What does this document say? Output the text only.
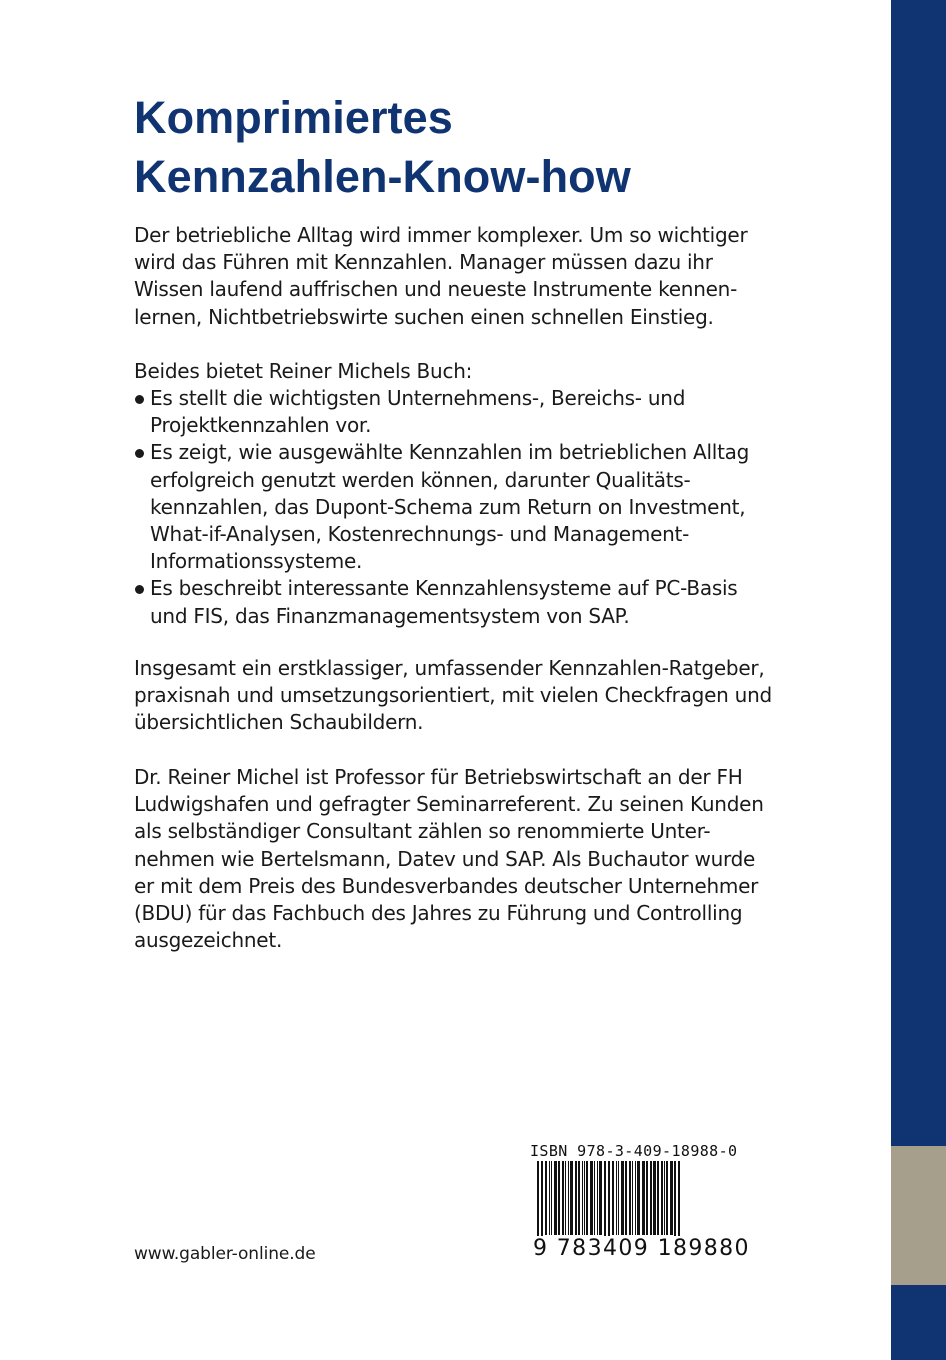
Komprimiertes
Kennzahlen-Know-how

Der betriebliche Alltag wird immer komplexer. Um so wichtiger
wird das Führen mit Kennzahlen. Manager müssen dazu ihr
Wissen laufend auffrischen und neueste Instrumente kennen-
lernen, Nichtbetriebswirte suchen einen schnellen Einstieg.

Beides bietet Reiner Michels Buch:

Es stellt die wichtigsten Unternehmens-, Bereichs- und
Projektkennzahlen vor.
Es zeigt, wie ausgewählte Kennzahlen im betrieblichen Alltag
erfolgreich genutzt werden können, darunter Qualitäts-
kennzahlen, das Dupont-Schema zum Return on Investment,
What-if-Analysen, Kostenrechnungs- und Management-
Informationssysteme.
Es beschreibt interessante Kennzahlensysteme auf PC-Basis
und FIS, das Finanzmanagementsystem von SAP.

Insgesamt ein erstklassiger, umfassender Kennzahlen-Ratgeber,
praxisnah und umsetzungsorientiert, mit vielen Checkfragen und
übersichtlichen Schaubildern.

Dr. Reiner Michel ist Professor für Betriebswirtschaft an der FH
Ludwigshafen und gefragter Seminarreferent. Zu seinen Kunden
als selbständiger Consultant zählen so renommierte Unter-
nehmen wie Bertelsmann, Datev und SAP. Als Buchautor wurde
er mit dem Preis des Bundesverbandes deutscher Unternehmer
(BDU) für das Fachbuch des Jahres zu Führung und Controlling
ausgezeichnet.

www.gabler-online.de
ISBN 978-3-409-18988-0
9 783409 189880
